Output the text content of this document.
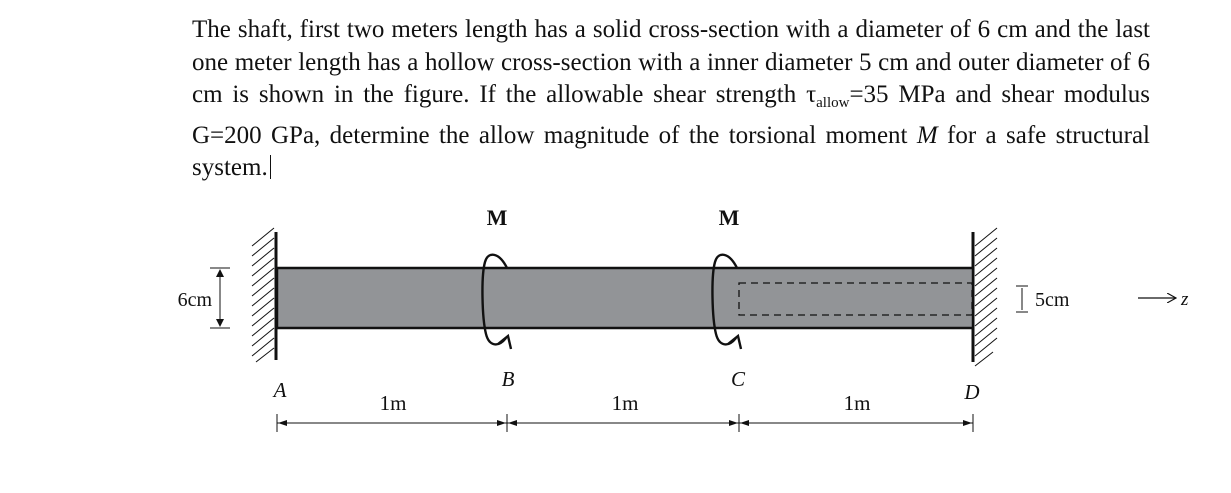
The shaft, first two meters length has a solid cross-section with a diameter of 6 cm and the last one meter length has a hollow cross-section with a inner diameter 5 cm and outer diameter of 6 cm is shown in the figure. If the allowable shear strength $\tau_{allow}=35$ MPa and shear modulus G=200 GPa, determine the allow magnitude of the torsional moment M for a safe structural system.

M	M
6cm	5cm	z
A	B	C
D
1m	1m	1m
